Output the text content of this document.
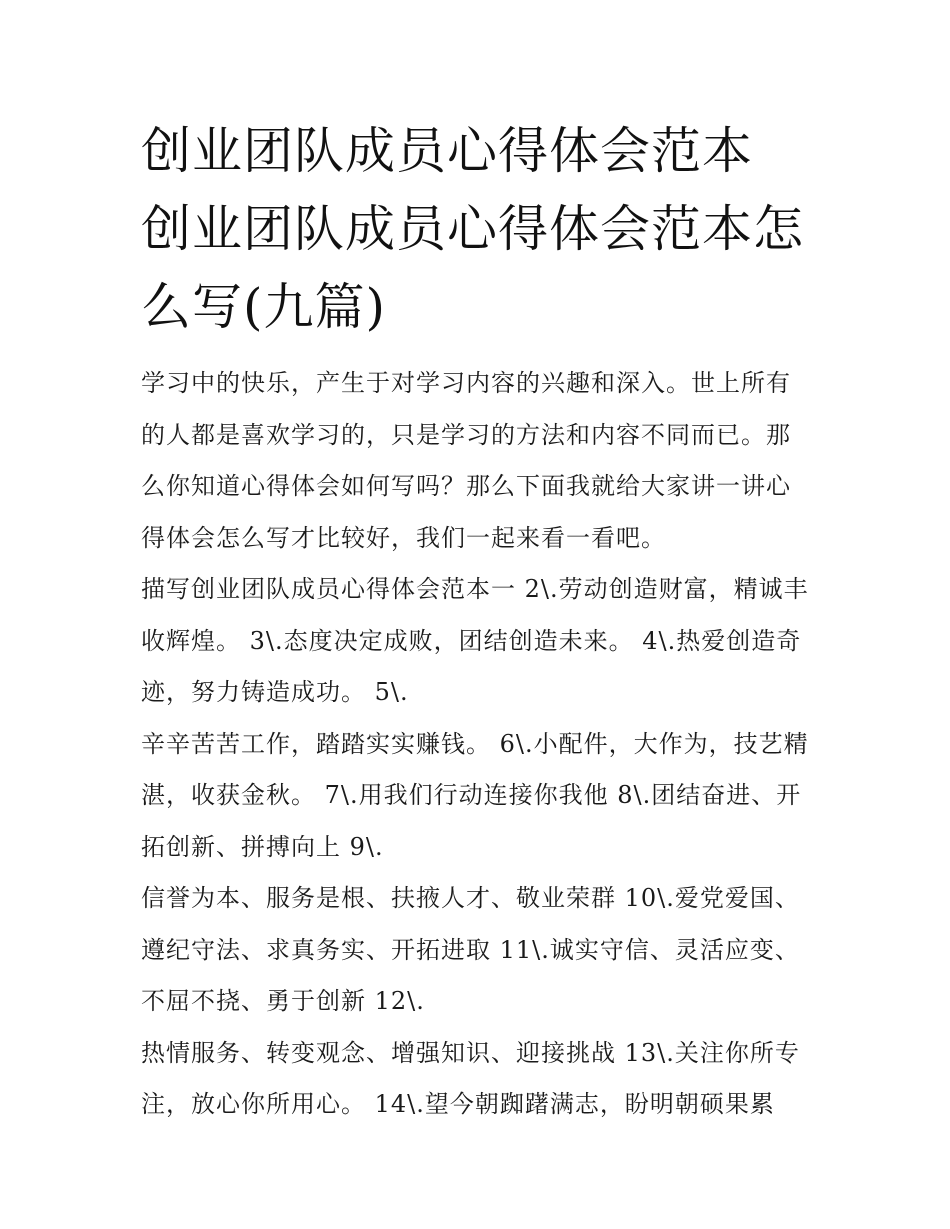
创业团队成员心得体会范本 创业团队成员心得体会范本怎么写(九篇)

学习中的快乐，产生于对学习内容的兴趣和深入。世上所有的人都是喜欢学习的，只是学习的方法和内容不同而已。那么你知道心得体会如何写吗？那么下面我就给大家讲一讲心得体会怎么写才比较好，我们一起来看一看吧。

描写创业团队成员心得体会范本一 2\.劳动创造财富，精诚丰收辉煌。 3\.态度决定成败，团结创造未来。 4\.热爱创造奇迹，努力铸造成功。 5\.

辛辛苦苦工作，踏踏实实赚钱。 6\.小配件，大作为，技艺精湛，收获金秋。 7\.用我们行动连接你我他 8\.团结奋进、开拓创新、拼搏向上 9\.

信誉为本、服务是根、扶掖人才、敬业荣群 10\.爱党爱国、遵纪守法、求真务实、开拓进取 11\.诚实守信、灵活应变、不屈不挠、勇于创新 12\.

热情服务、转变观念、增强知识、迎接挑战 13\.关注你所专注，放心你所用心。 14\.望今朝踟躇满志，盼明朝硕果累
